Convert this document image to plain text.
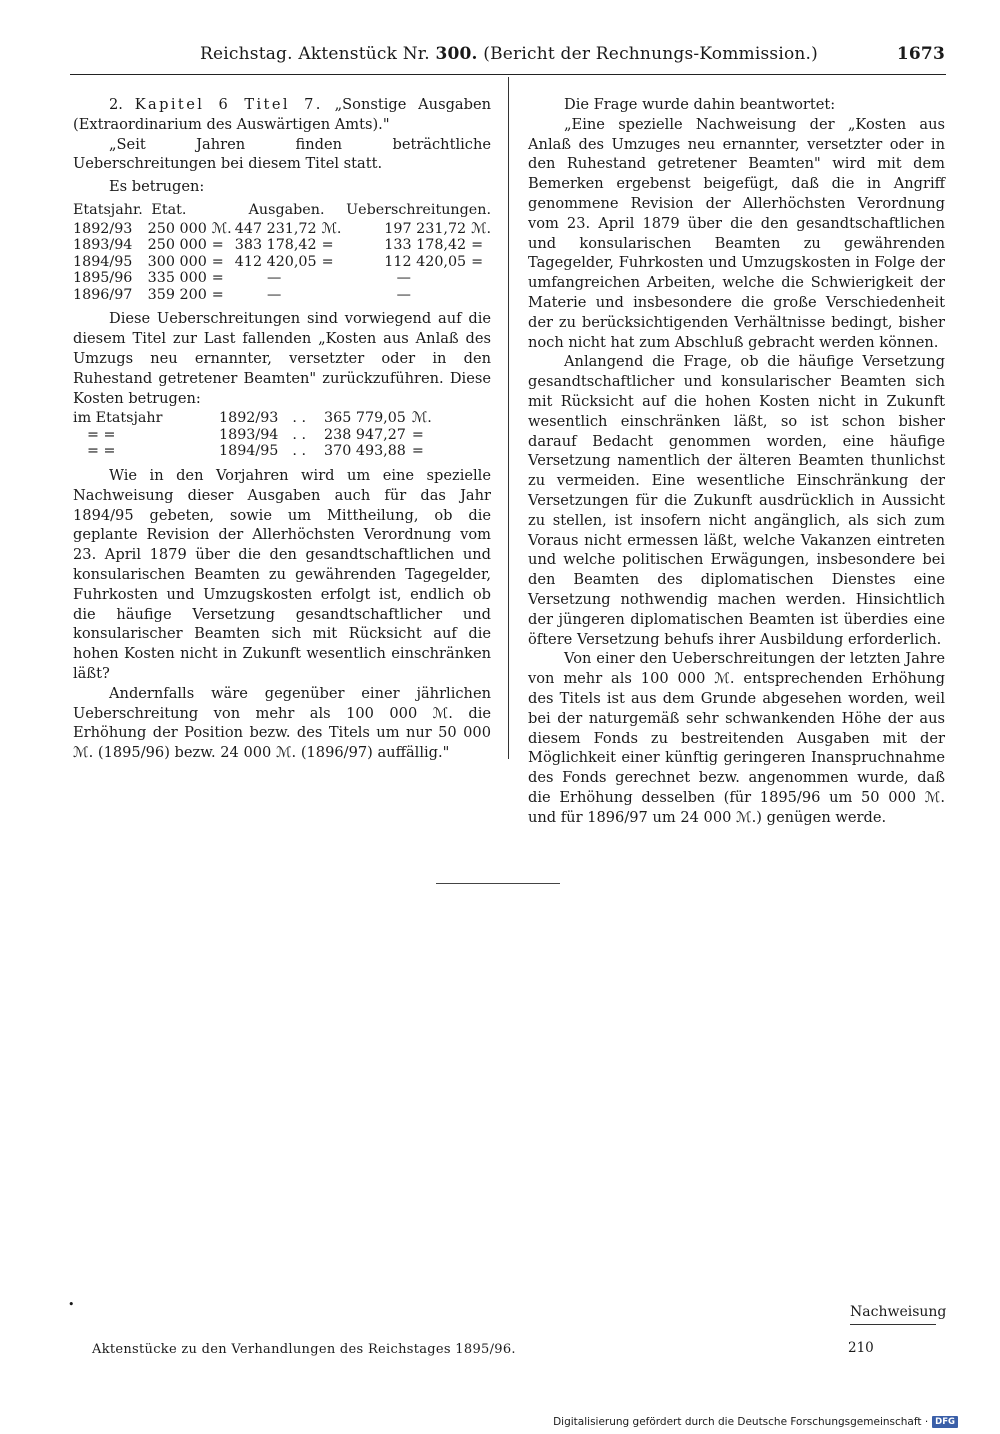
Reichstag. Aktenstück Nr. 300. (Bericht der Rechnungs-Kommission.)	1673

2. Kapitel 6 Titel 7. „Sonstige Ausgaben (Extraordinarium des Auswärtigen Amts)."

„Seit Jahren finden beträchtliche Ueberschreitungen bei diesem Titel statt.

Es betrugen:

Etatsjahr.	Etat.		Ausgaben.		Ueberschreitungen.	
1892/93	250 000	ℳ.	447 231,72	ℳ.	197 231,72	ℳ.
1893/94	250 000	=	383 178,42	=	133 178,42	=
1894/95	300 000	=	412 420,05	=	112 420,05	=
1895/96	335 000	=	—		—	
1896/97	359 200	=	—		—	

Diese Ueberschreitungen sind vorwiegend auf die diesem Titel zur Last fallenden „Kosten aus Anlaß des Umzugs neu ernannter, versetzter oder in den Ruhestand getretener Beamten" zurückzuführen. Diese Kosten betrugen:

im Etatsjahr	1892/93	. .	365 779,05	ℳ.
= =	1893/94	. .	238 947,27	=
= =	1894/95	. .	370 493,88	=

Wie in den Vorjahren wird um eine spezielle Nachweisung dieser Ausgaben auch für das Jahr 1894/95 gebeten, sowie um Mittheilung, ob die geplante Revision der Allerhöchsten Verordnung vom 23. April 1879 über die den gesandtschaftlichen und konsularischen Beamten zu gewährenden Tagegelder, Fuhrkosten und Umzugskosten erfolgt ist, endlich ob die häufige Versetzung gesandtschaftlicher und konsularischer Beamten sich mit Rücksicht auf die hohen Kosten nicht in Zukunft wesentlich einschränken läßt?

Andernfalls wäre gegenüber einer jährlichen Ueberschreitung von mehr als 100 000 ℳ. die Erhöhung der Position bezw. des Titels um nur 50 000 ℳ. (1895/96) bezw. 24 000 ℳ. (1896/97) auffällig."

Die Frage wurde dahin beantwortet:

„Eine spezielle Nachweisung der „Kosten aus Anlaß des Umzuges neu ernannter, versetzter oder in den Ruhestand getretener Beamten" wird mit dem Bemerken ergebenst beigefügt, daß die in Angriff genommene Revision der Allerhöchsten Verordnung vom 23. April 1879 über die den gesandtschaftlichen und konsularischen Beamten zu gewährenden Tagegelder, Fuhrkosten und Umzugskosten in Folge der umfangreichen Arbeiten, welche die Schwierigkeit der Materie und insbesondere die große Verschiedenheit der zu berücksichtigenden Verhältnisse bedingt, bisher noch nicht hat zum Abschluß gebracht werden können.

Anlangend die Frage, ob die häufige Versetzung gesandtschaftlicher und konsularischer Beamten sich mit Rücksicht auf die hohen Kosten nicht in Zukunft wesentlich einschränken läßt, so ist schon bisher darauf Bedacht genommen worden, eine häufige Versetzung namentlich der älteren Beamten thunlichst zu vermeiden. Eine wesentliche Einschränkung der Versetzungen für die Zukunft ausdrücklich in Aussicht zu stellen, ist insofern nicht angänglich, als sich zum Voraus nicht ermessen läßt, welche Vakanzen eintreten und welche politischen Erwägungen, insbesondere bei den Beamten des diplomatischen Dienstes eine Versetzung nothwendig machen werden. Hinsichtlich der jüngeren diplomatischen Beamten ist überdies eine öftere Versetzung behufs ihrer Ausbildung erforderlich.

Von einer den Ueberschreitungen der letzten Jahre von mehr als 100 000 ℳ. entsprechenden Erhöhung des Titels ist aus dem Grunde abgesehen worden, weil bei der naturgemäß sehr schwankenden Höhe der aus diesem Fonds zu bestreitenden Ausgaben mit der Möglichkeit einer künftig geringeren Inanspruchnahme des Fonds gerechnet bezw. angenommen wurde, daß die Erhöhung desselben (für 1895/96 um 50 000 ℳ. und für 1896/97 um 24 000 ℳ.) genügen werde.

•	Nachweisung
Aktenstücke zu den Verhandlungen des Reichstages 1895/96.	210
Digitalisierung gefördert durch die Deutsche Forschungsgemeinschaft · DFG
